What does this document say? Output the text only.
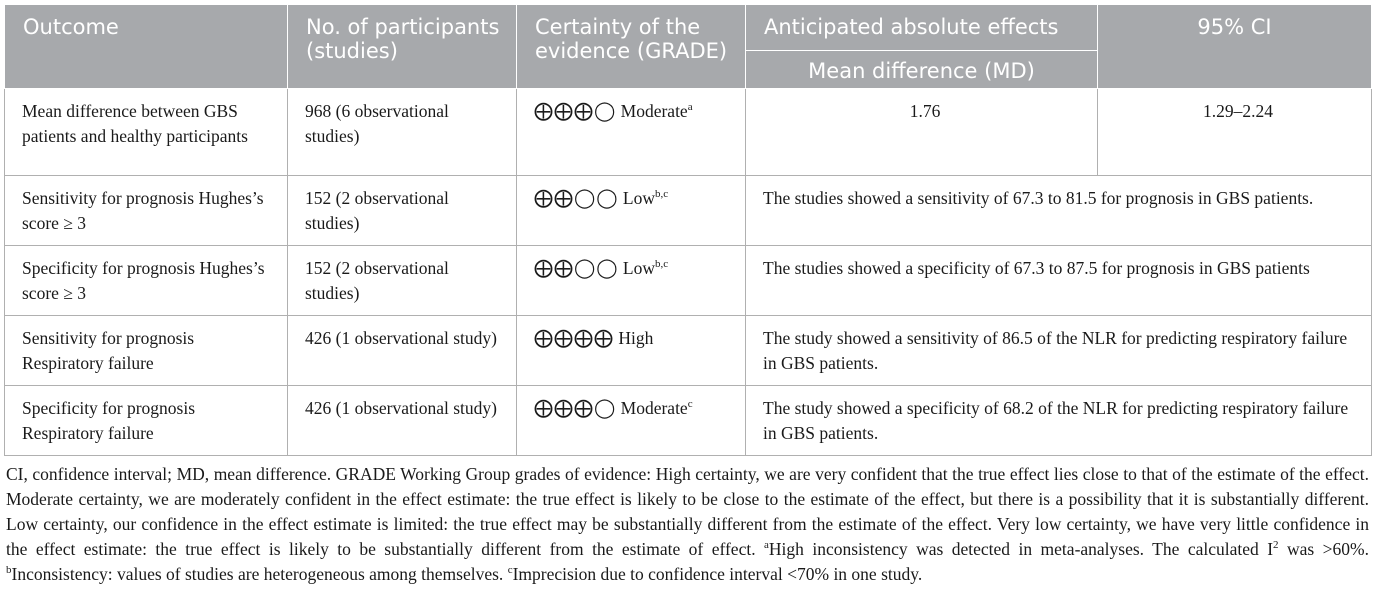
Outcome	No. of participants (studies)	Certainty of the evidence (GRADE)	Anticipated absolute effects	95% CI
			Mean difference (MD)	
Mean difference between GBS patients and healthy participants	968 (6 observational studies)	⨁⨁⨁◯ Moderate$^a$	1.76	1.29–2.24
Sensitivity for prognosis Hughes’s score ≥ 3	152 (2 observational studies)	⨁⨁◯◯ Low$^{b,c}$	The studies showed a sensitivity of 67.3 to 81.5 for prognosis in GBS patients.	
Specificity for prognosis Hughes’s score ≥ 3	152 (2 observational studies)	⨁⨁◯◯ Low$^{b,c}$	The studies showed a specificity of 67.3 to 87.5 for prognosis in GBS patients	
Sensitivity for prognosis Respiratory failure	426 (1 observational study)	⨁⨁⨁⨁ High	The study showed a sensitivity of 86.5 of the NLR for predicting respiratory failure in GBS patients.	
Specificity for prognosis Respiratory failure	426 (1 observational study)	⨁⨁⨁◯ Moderate$^c$	The study showed a specificity of 68.2 of the NLR for predicting respiratory failure in GBS patients.	
CI, confidence interval; MD, mean difference. GRADE Working Group grades of evidence: High certainty, we are very confident that the true effect lies close to that of the estimate of the effect. Moderate certainty, we are moderately confident in the effect estimate: the true effect is likely to be close to the estimate of the effect, but there is a possibility that it is substantially different. Low certainty, our confidence in the effect estimate is limited: the true effect may be substantially different from the estimate of the effect. Very low certainty, we have very little confidence in the effect estimate: the true effect is likely to be substantially different from the estimate of effect. $^a$High inconsistency was detected in meta-analyses. The calculated $I^2$ was >60%. $^b$Inconsistency: values of studies are heterogeneous among themselves. $^c$Imprecision due to confidence interval <70% in one study.
